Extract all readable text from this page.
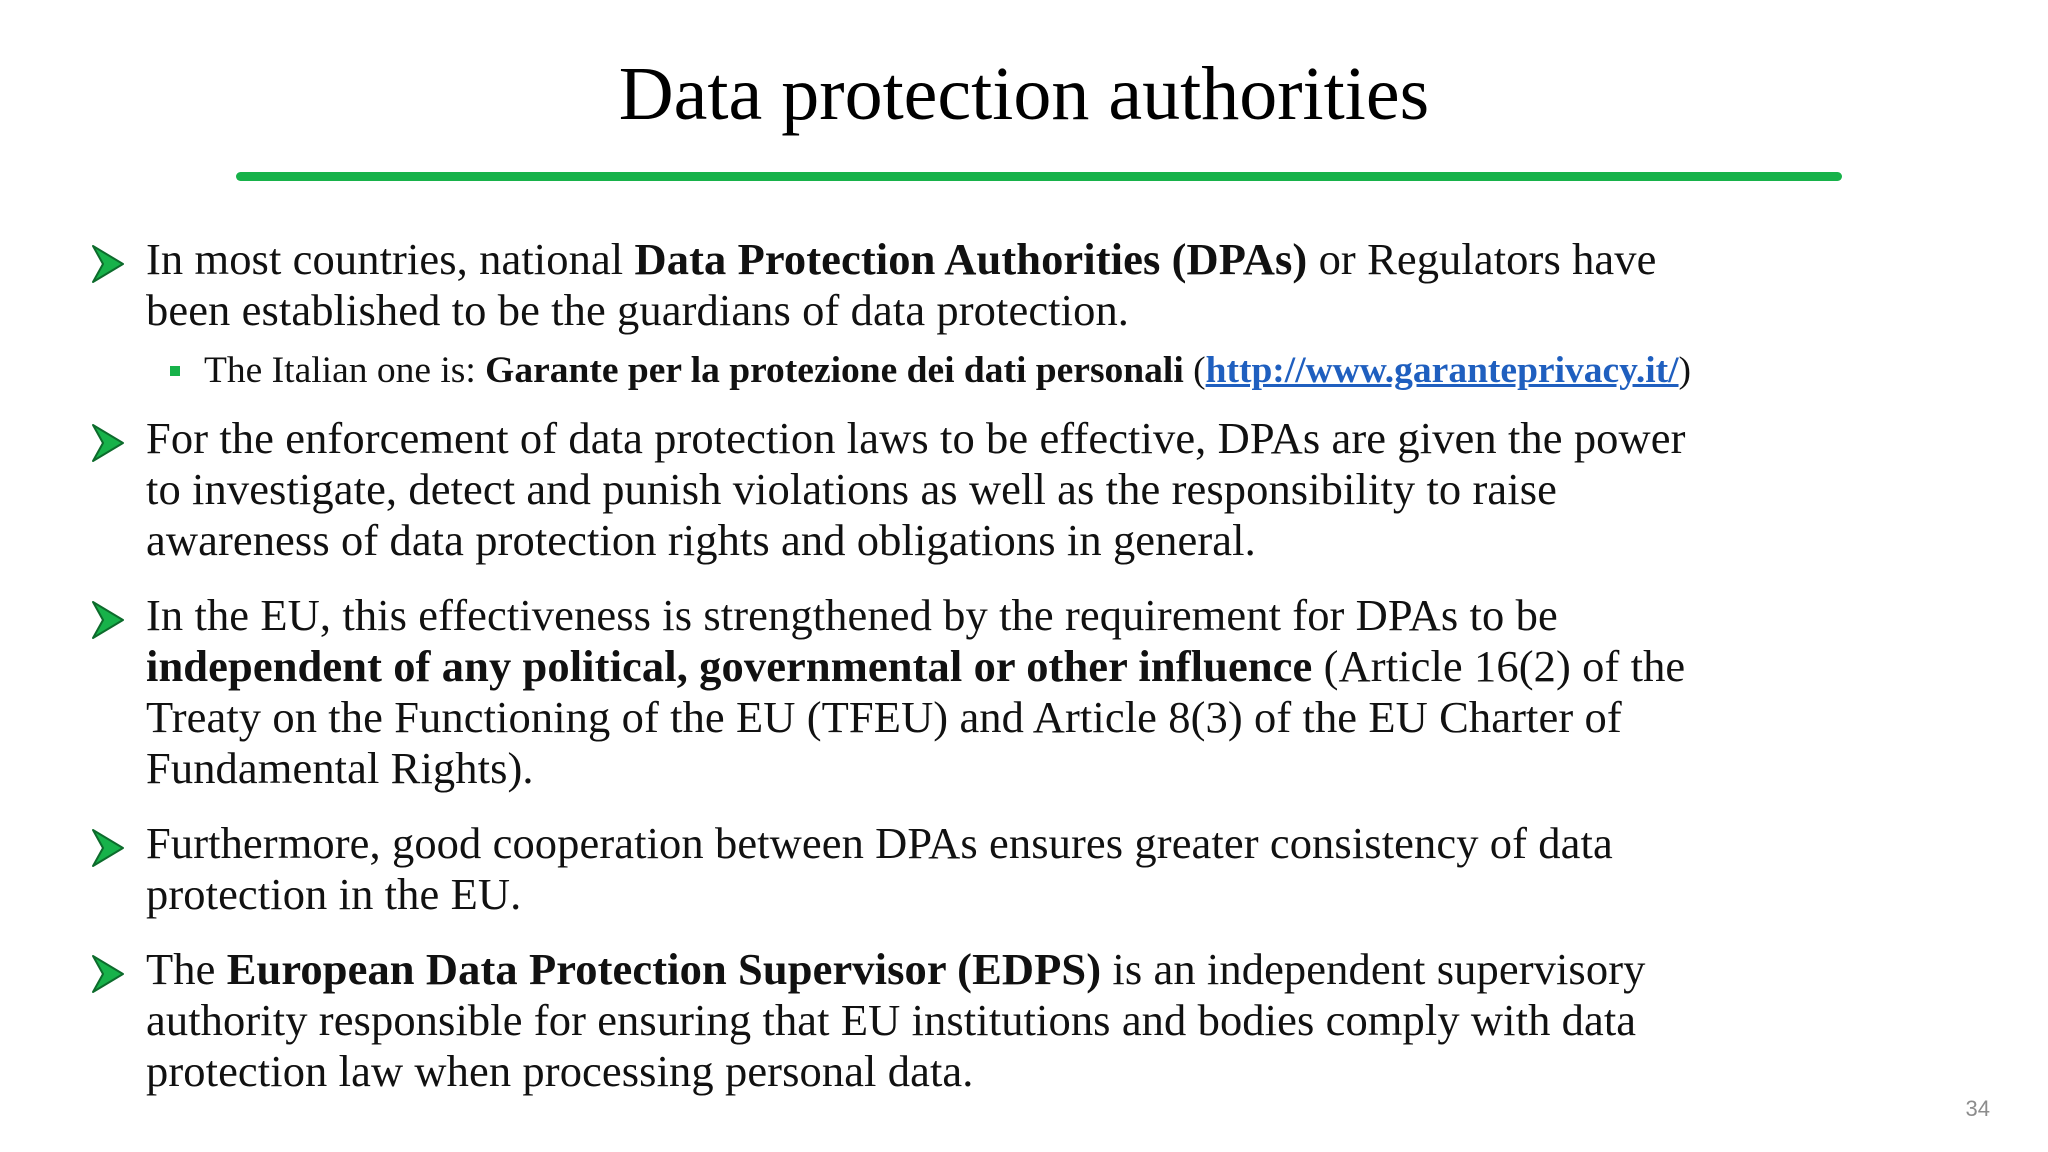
Data protection authorities
In most countries, national Data Protection Authorities (DPAs) or Regulators have
been established to be the guardians of data protection.
The Italian one is: Garante per la protezione dei dati personali (http://www.garanteprivacy.it/)
For the enforcement of data protection laws to be effective, DPAs are given the power
to investigate, detect and punish violations as well as the responsibility to raise
awareness of data protection rights and obligations in general.
In the EU, this effectiveness is strengthened by the requirement for DPAs to be
independent of any political, governmental or other influence (Article 16(2) of the
Treaty on the Functioning of the EU (TFEU) and Article 8(3) of the EU Charter of
Fundamental Rights).
Furthermore, good cooperation between DPAs ensures greater consistency of data
protection in the EU.
The European Data Protection Supervisor (EDPS) is an independent supervisory
authority responsible for ensuring that EU institutions and bodies comply with data
protection law when processing personal data.
34
